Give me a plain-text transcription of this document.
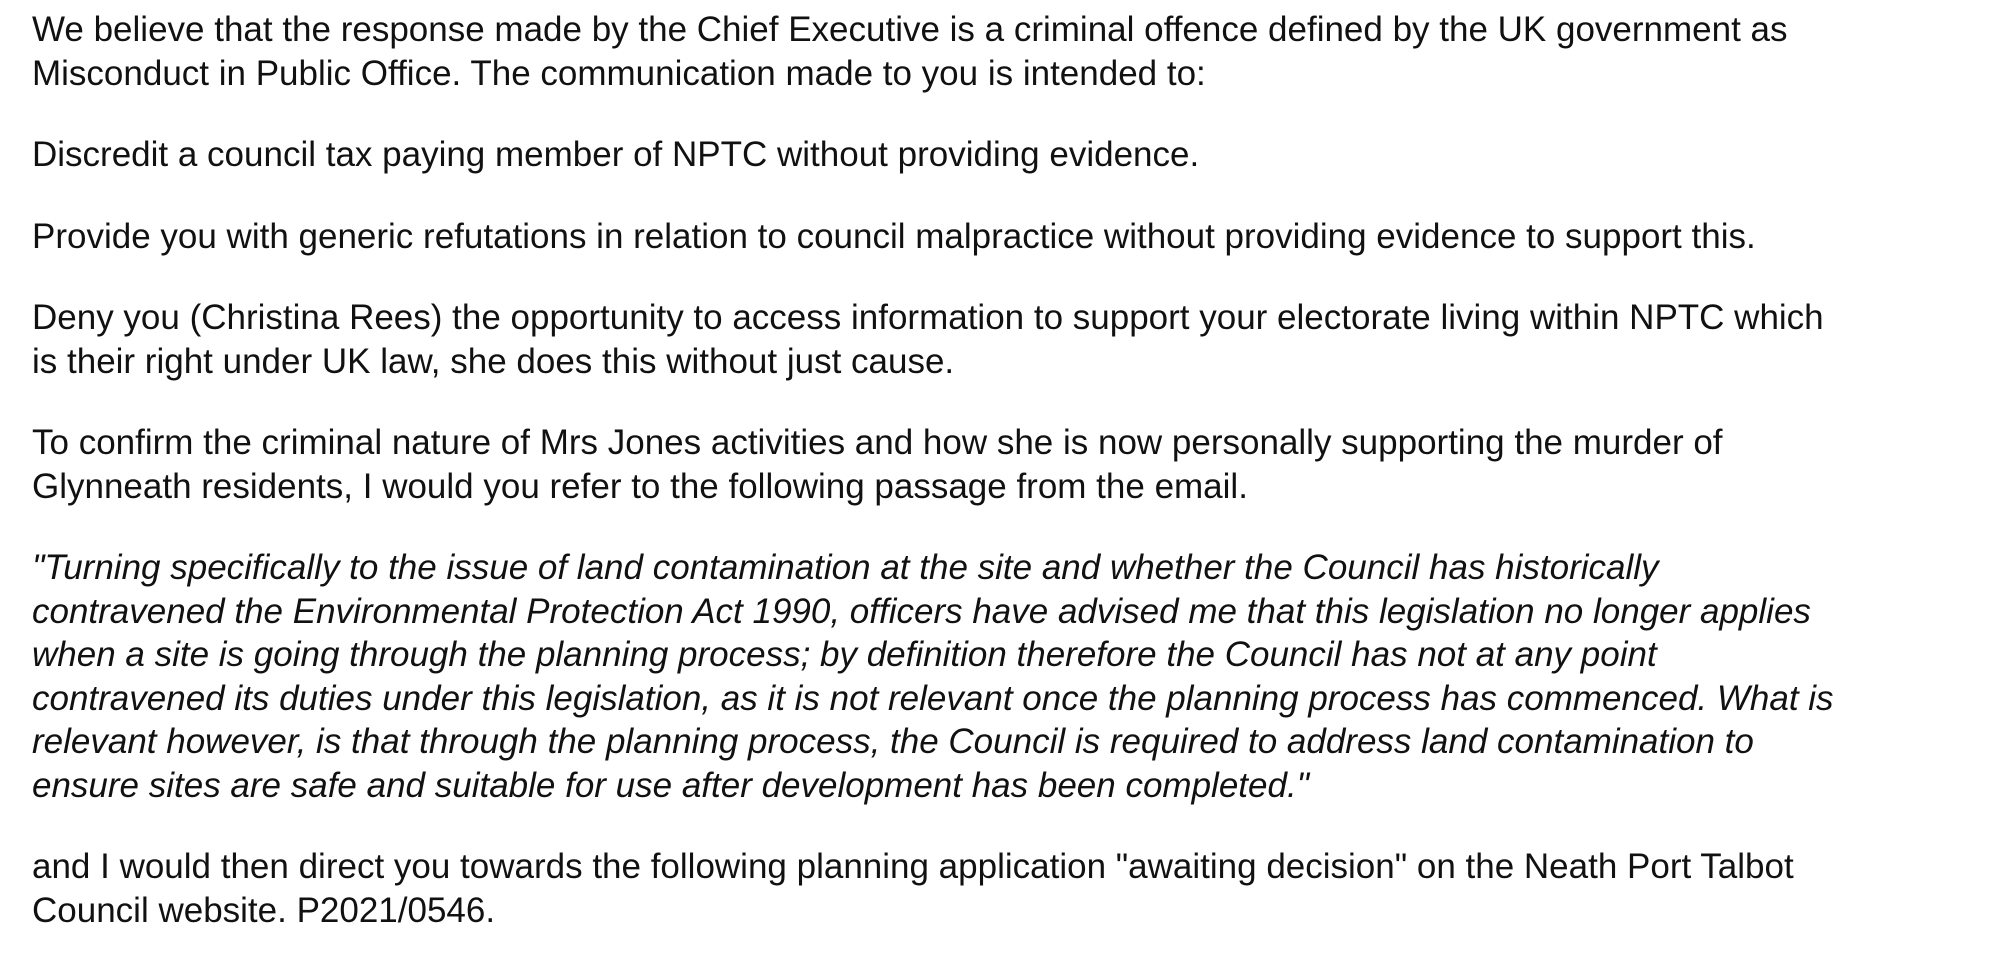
We believe that the response made by the Chief Executive is a criminal offence defined by the UK government as
Misconduct in Public Office. The communication made to you is intended to:

Discredit a council tax paying member of NPTC without providing evidence.

Provide you with generic refutations in relation to council malpractice without providing evidence to support this.

Deny you (Christina Rees) the opportunity to access information to support your electorate living within NPTC which
is their right under UK law, she does this without just cause.

To confirm the criminal nature of Mrs Jones activities and how she is now personally supporting the murder of
Glynneath residents, I would you refer to the following passage from the email.

"Turning specifically to the issue of land contamination at the site and whether the Council has historically
contravened the Environmental Protection Act 1990, officers have advised me that this legislation no longer applies
when a site is going through the planning process; by definition therefore the Council has not at any point
contravened its duties under this legislation, as it is not relevant once the planning process has commenced. What is
relevant however, is that through the planning process, the Council is required to address land contamination to
ensure sites are safe and suitable for use after development has been completed."

and I would then direct you towards the following planning application "awaiting decision" on the Neath Port Talbot
Council website. P2021/0546.
